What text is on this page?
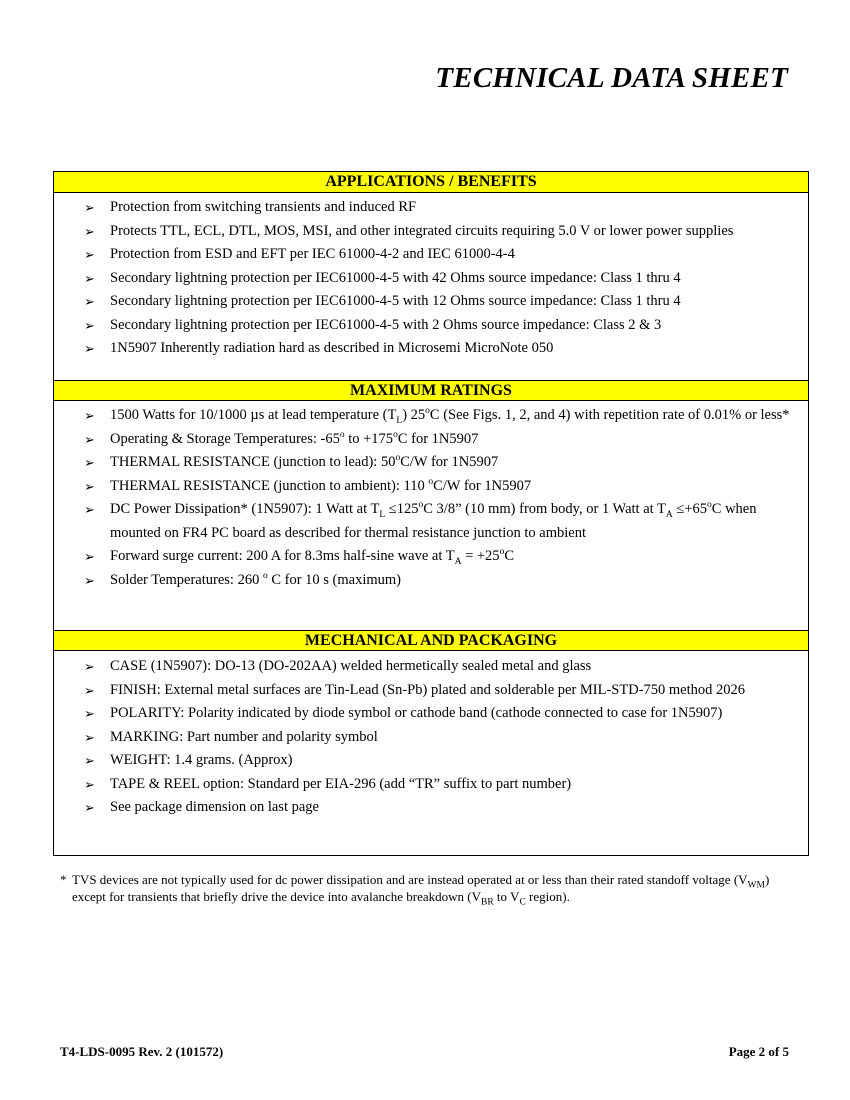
TECHNICAL DATA SHEET
APPLICATIONS / BENEFITS
➢ Protection from switching transients and induced RF
➢ Protects TTL, ECL, DTL, MOS, MSI, and other integrated circuits requiring 5.0 V or lower power supplies
➢ Protection from ESD and EFT per IEC 61000-4-2 and IEC 61000-4-4
➢ Secondary lightning protection per IEC61000-4-5 with 42 Ohms source impedance: Class 1 thru 4
➢ Secondary lightning protection per IEC61000-4-5 with 12 Ohms source impedance: Class 1 thru 4
➢ Secondary lightning protection per IEC61000-4-5 with 2 Ohms source impedance: Class 2 & 3
➢ 1N5907 Inherently radiation hard as described in Microsemi MicroNote 050
MAXIMUM RATINGS
➢ 1500 Watts for 10/1000 µs at lead temperature $(T_L)$ 25$^o$C (See Figs. 1, 2, and 4) with repetition rate of 0.01% or less*
➢ Operating & Storage Temperatures: -65$^o$ to $+175^oC$ for 1N5907
➢ THERMAL RESISTANCE (junction to lead): 50$^o$C/W for 1N5907
➢ THERMAL RESISTANCE (junction to ambient): 110 $^o$C/W for 1N5907
➢ DC Power Dissipation* (1N5907): 1 Watt at $T_L \le 125^oC$ 3/8” (10 mm) from body, or 1 Watt at $T_A \le+65^oC$ when mounted on FR4 PC board as described for thermal resistance junction to ambient
➢ Forward surge current: 200 A for 8.3ms half-sine wave at $T_A = +25^oC$
➢ Solder Temperatures: 260 $^o$ C for 10 s (maximum)
MECHANICAL AND PACKAGING
➢ CASE (1N5907): DO-13 (DO-202AA) welded hermetically sealed metal and glass
➢ FINISH: External metal surfaces are Tin-Lead (Sn-Pb) plated and solderable per MIL-STD-750 method 2026
➢ POLARITY: Polarity indicated by diode symbol or cathode band (cathode connected to case for 1N5907)
➢ MARKING: Part number and polarity symbol
➢ WEIGHT: 1.4 grams. (Approx)
➢ TAPE & REEL option: Standard per EIA-296 (add “TR” suffix to part number)
➢ See package dimension on last page
* TVS devices are not typically used for dc power dissipation and are instead operated at or less than their rated standoff voltage $(V_{WM})$ except for transients that briefly drive the device into avalanche breakdown ($V_{BR}$ to $V_C$ region).
T4-LDS-0095 Rev. 2 (101572)	Page 2 of 5
